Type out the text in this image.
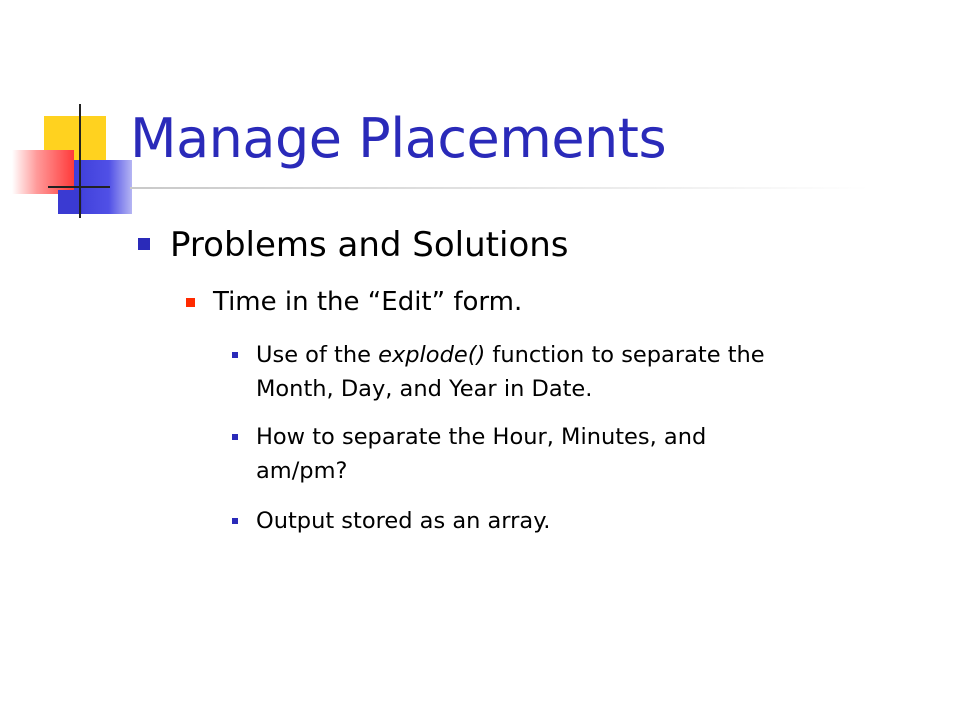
Manage Placements

Problems and Solutions

Time in the “Edit” form.

Use of the explode() function to separate the

Month, Day, and Year in Date.

How to separate the Hour, Minutes, and

am/pm?

Output stored as an array.
